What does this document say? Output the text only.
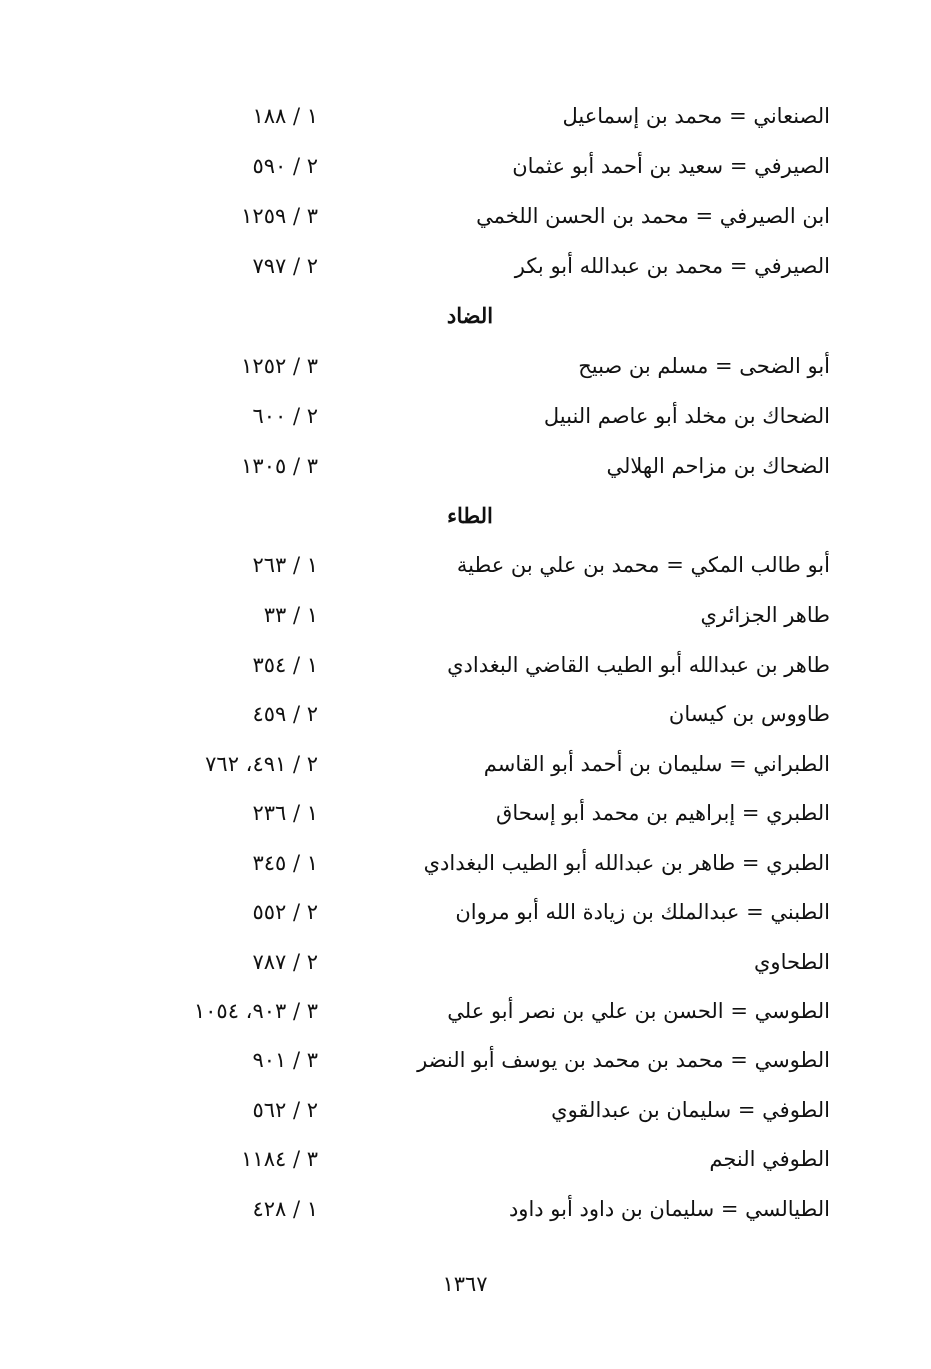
الصنعاني = محمد بن إسماعيل
١ / ١٨٨
الصيرفي = سعيد بن أحمد أبو عثمان
٢ / ٥٩٠
ابن الصيرفي = محمد بن الحسن اللخمي
٣ / ١٢٥٩
الصيرفي = محمد بن عبدالله أبو بكر
٢ / ٧٩٧
الضاد
أبو الضحى = مسلم بن صبيح
٣ / ١٢٥٢
الضحاك بن مخلد أبو عاصم النبيل
٢ / ٦٠٠
الضحاك بن مزاحم الهلالي
٣ / ١٣٠٥
الطاء
أبو طالب المكي = محمد بن علي بن عطية
١ / ٢٦٣
طاهر الجزائري
١ / ٣٣
طاهر بن عبدالله أبو الطيب القاضي البغدادي
١ / ٣٥٤
طاووس بن كيسان
٢ / ٤٥٩
الطبراني = سليمان بن أحمد أبو القاسم
٢ / ٤٩١، ٧٦٢
الطبري = إبراهيم بن محمد أبو إسحاق
١ / ٢٣٦
الطبري = طاهر بن عبدالله أبو الطيب البغدادي
١ / ٣٤٥
الطبني = عبدالملك بن زيادة الله أبو مروان
٢ / ٥٥٢
الطحاوي
٢ / ٧٨٧
الطوسي = الحسن بن علي بن نصر أبو علي
٣ / ٩٠٣، ١٠٥٤
الطوسي = محمد بن محمد بن يوسف أبو النضر
٣ / ٩٠١
الطوفي = سليمان بن عبدالقوي
٢ / ٥٦٢
الطوفي النجم
٣ / ١١٨٤
الطيالسي = سليمان بن داود أبو داود
١ / ٤٢٨
١٣٦٧
